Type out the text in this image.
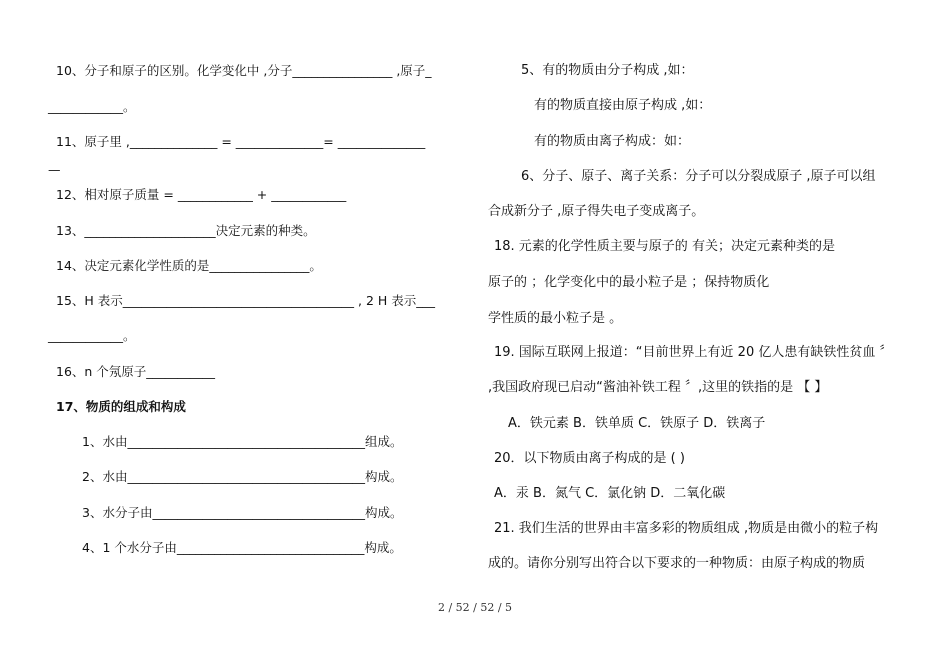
10、分子和原子的区别。化学变化中 ,分子________________ ,原子_
____________。
11、原子里 ,______________ = ______________= ______________
—
12、相对原子质量 = ____________ + ____________
13、_____________________决定元素的种类。
14、决定元素化学性质的是________________。
15、H 表示_____________________________________ , 2 H 表示___
____________。
16、n 个氖原子___________
17、物质的组成和构成
1、水由______________________________________组成。
2、水由______________________________________构成。
3、水分子由__________________________________构成。
4、1 个水分子由______________________________构成。
5、有的物质由分子构成 ,如：
有的物质直接由原子构成 ,如：
有的物质由离子构成：如：
6、分子、原子、离子关系：分子可以分裂成原子 ,原子可以组
合成新分子 ,原子得失电子变成离子。
18. 元素的化学性质主要与原子的 有关；决定元素种类的是
原子的 ；化学变化中的最小粒子是 ；保持物质化
学性质的最小粒子是 。
19. 国际互联网上报道：“目前世界上有近 20 亿人患有缺铁性贫血 〞
,我国政府现已启动“酱油补铁工程 〞,这里的铁指的是 【 】
A．铁元素 B．铁单质 C．铁原子 D．铁离子
20．以下物质由离子构成的是 ( )
A．汞 B．氮气 C．氯化钠 D．二氧化碳
21. 我们生活的世界由丰富多彩的物质组成 ,物质是由微小的粒子构
成的。请你分别写出符合以下要求的一种物质：由原子构成的物质
2 / 52 / 52 / 5
